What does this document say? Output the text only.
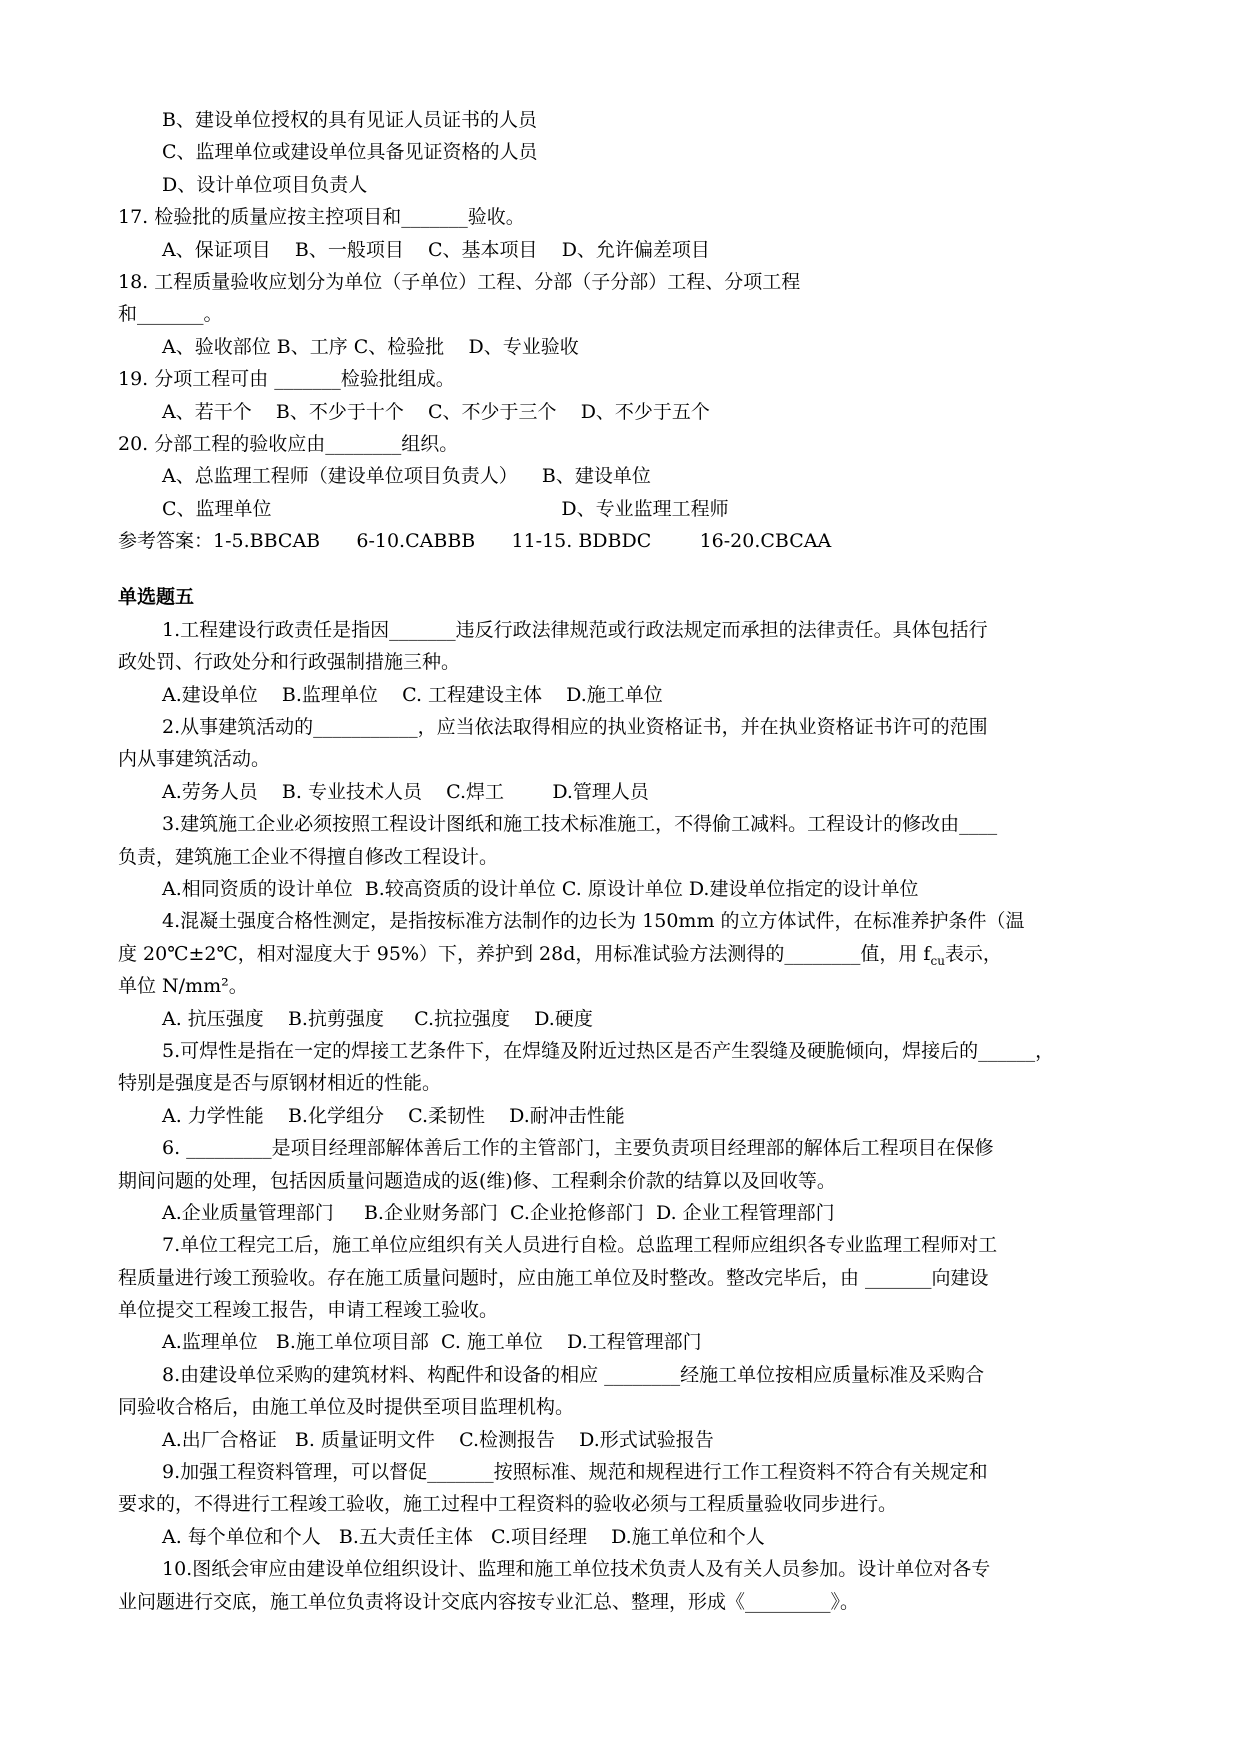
B、建设单位授权的具有见证人员证书的人员
C、监理单位或建设单位具备见证资格的人员
D、设计单位项目负责人
17. 检验批的质量应按主控项目和_______验收。
A、保证项目    B、一般项目    C、基本项目    D、允许偏差项目
18. 工程质量验收应划分为单位（子单位）工程、分部（子分部）工程、分项工程
和_______。
A、验收部位 B、工序 C、检验批    D、专业验收
19. 分项工程可由 _______检验批组成。
A、若干个    B、不少于十个    C、不少于三个    D、不少于五个
20. 分部工程的验收应由________组织。
A、总监理工程师（建设单位项目负责人）    B、建设单位
C、监理单位                                                D、专业监理工程师
参考答案：1-5.BBCAB      6-10.CABBB      11-15. BDBDC        16-20.CBCAA
单选题五
1.工程建设行政责任是指因_______违反行政法律规范或行政法规定而承担的法律责任。具体包括行
政处罚、行政处分和行政强制措施三种。
A.建设单位    B.监理单位    C. 工程建设主体    D.施工单位
2.从事建筑活动的___________，应当依法取得相应的执业资格证书，并在执业资格证书许可的范围
内从事建筑活动。
A.劳务人员    B. 专业技术人员    C.焊工        D.管理人员
3.建筑施工企业必须按照工程设计图纸和施工技术标准施工，不得偷工减料。工程设计的修改由____
负责，建筑施工企业不得擅自修改工程设计。
A.相同资质的设计单位  B.较高资质的设计单位 C. 原设计单位 D.建设单位指定的设计单位
4.混凝土强度合格性测定，是指按标准方法制作的边长为 150mm 的立方体试件，在标准养护条件（温
度 20℃±2℃，相对湿度大于 95%）下，养护到 28d，用标准试验方法测得的________值，用 $f_{cu}$表示，
单位 N/mm²。
A. 抗压强度    B.抗剪强度     C.抗拉强度    D.硬度
5.可焊性是指在一定的焊接工艺条件下，在焊缝及附近过热区是否产生裂缝及硬脆倾向，焊接后的______，
特别是强度是否与原钢材相近的性能。
A. 力学性能    B.化学组分    C.柔韧性    D.耐冲击性能
6. _________是项目经理部解体善后工作的主管部门，主要负责项目经理部的解体后工程项目在保修
期间问题的处理，包括因质量问题造成的返(维)修、工程剩余价款的结算以及回收等。
A.企业质量管理部门     B.企业财务部门  C.企业抢修部门  D. 企业工程管理部门
7.单位工程完工后，施工单位应组织有关人员进行自检。总监理工程师应组织各专业监理工程师对工
程质量进行竣工预验收。存在施工质量问题时，应由施工单位及时整改。整改完毕后，由 _______向建设
单位提交工程竣工报告，申请工程竣工验收。
A.监理单位   B.施工单位项目部  C. 施工单位    D.工程管理部门
8.由建设单位采购的建筑材料、构配件和设备的相应 ________经施工单位按相应质量标准及采购合
同验收合格后，由施工单位及时提供至项目监理机构。
A.出厂合格证   B. 质量证明文件    C.检测报告    D.形式试验报告
9.加强工程资料管理，可以督促_______按照标准、规范和规程进行工作工程资料不符合有关规定和
要求的，不得进行工程竣工验收，施工过程中工程资料的验收必须与工程质量验收同步进行。
A. 每个单位和个人   B.五大责任主体   C.项目经理    D.施工单位和个人
10.图纸会审应由建设单位组织设计、监理和施工单位技术负责人及有关人员参加。设计单位对各专
业问题进行交底，施工单位负责将设计交底内容按专业汇总、整理，形成《_________》。
